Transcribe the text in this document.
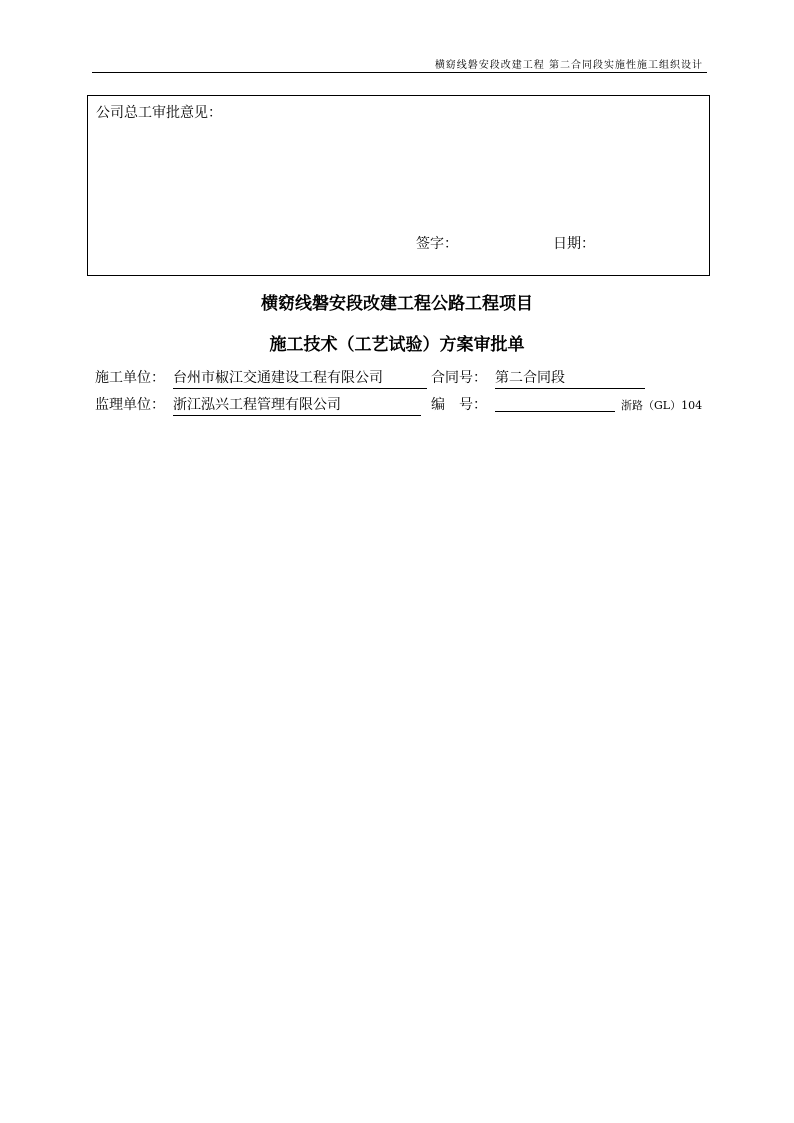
横窈线磐安段改建工程 第二合同段实施性施工组织设计
公司总工审批意见：
签字：	日期：
横窈线磐安段改建工程公路工程项目
施工技术（工艺试验）方案审批单
施工单位： 台州市椒江交通建设工程有限公司	合同号： 第二合同段
监理单位： 浙江泓兴工程管理有限公司	编　号：	浙路（GL）104
